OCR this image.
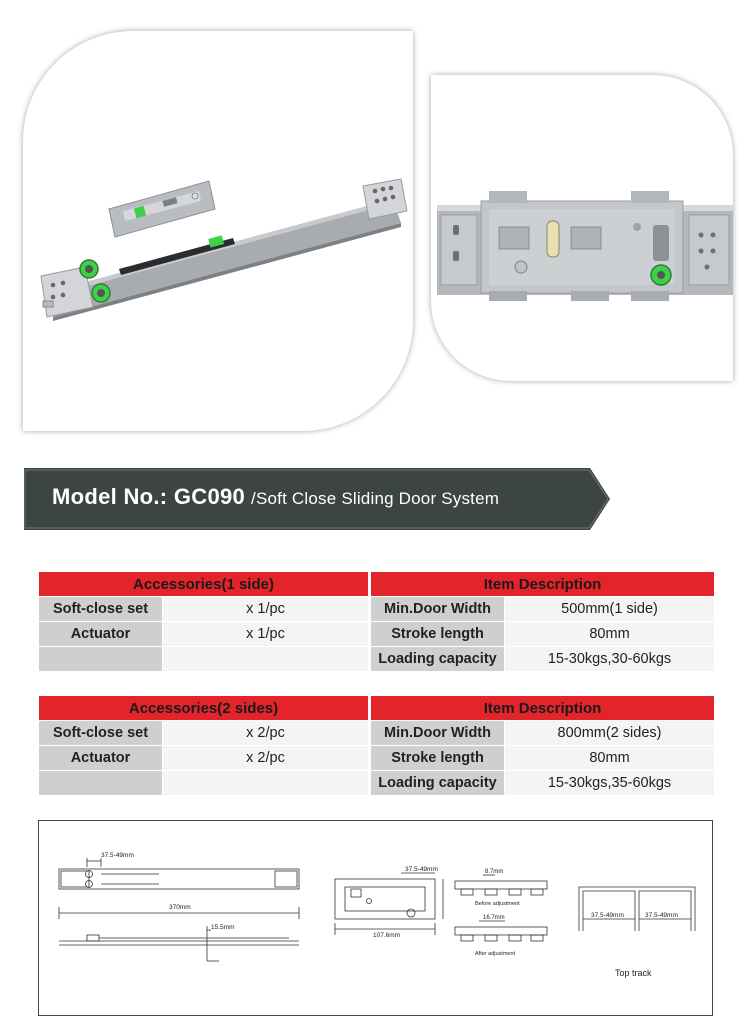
Model No.: GC090 /Soft Close Sliding Door System
Accessories(1 side)			Item Description	
Soft-close set	x 1/pc		Min.Door Width	500mm(1 side)
Actuator	x 1/pc		Stroke length	80mm
			Loading capacity	15-30kgs,30-60kgs
Accessories(2 sides)			Item Description	
Soft-close set	x 2/pc		Min.Door Width	800mm(2 sides)
Actuator	x 2/pc		Stroke length	80mm
			Loading capacity	15-30kgs,35-60kgs
37.5-49mm
370mm
15.5mm
37.5-49mm
107.6mm
8.7mm
Before adjustment
16.7mm
After adjustment
37.5-49mm	37.5-49mm
Top track
